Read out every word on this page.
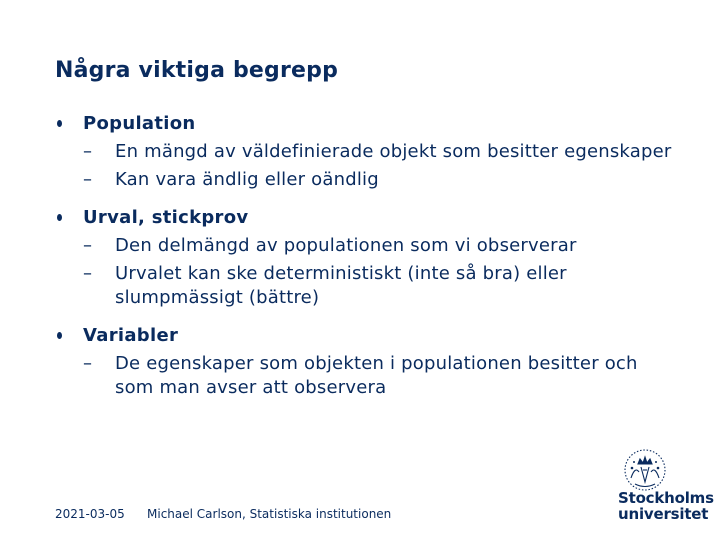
Några viktiga begrepp
Population
–	En mängd av väldefinierade objekt som besitter egenskaper
–	Kan vara ändlig eller oändlig
Urval, stickprov
–	Den delmängd av populationen som vi observerar
–	Urvalet kan ske deterministiskt (inte så bra) eller slumpmässigt (bättre)
Variabler
–	De egenskaper som objekten i populationen besitter och som man avser att observera
2021-03-05 Michael Carlson, Statistiska institutionen
Stockholms
universitet
